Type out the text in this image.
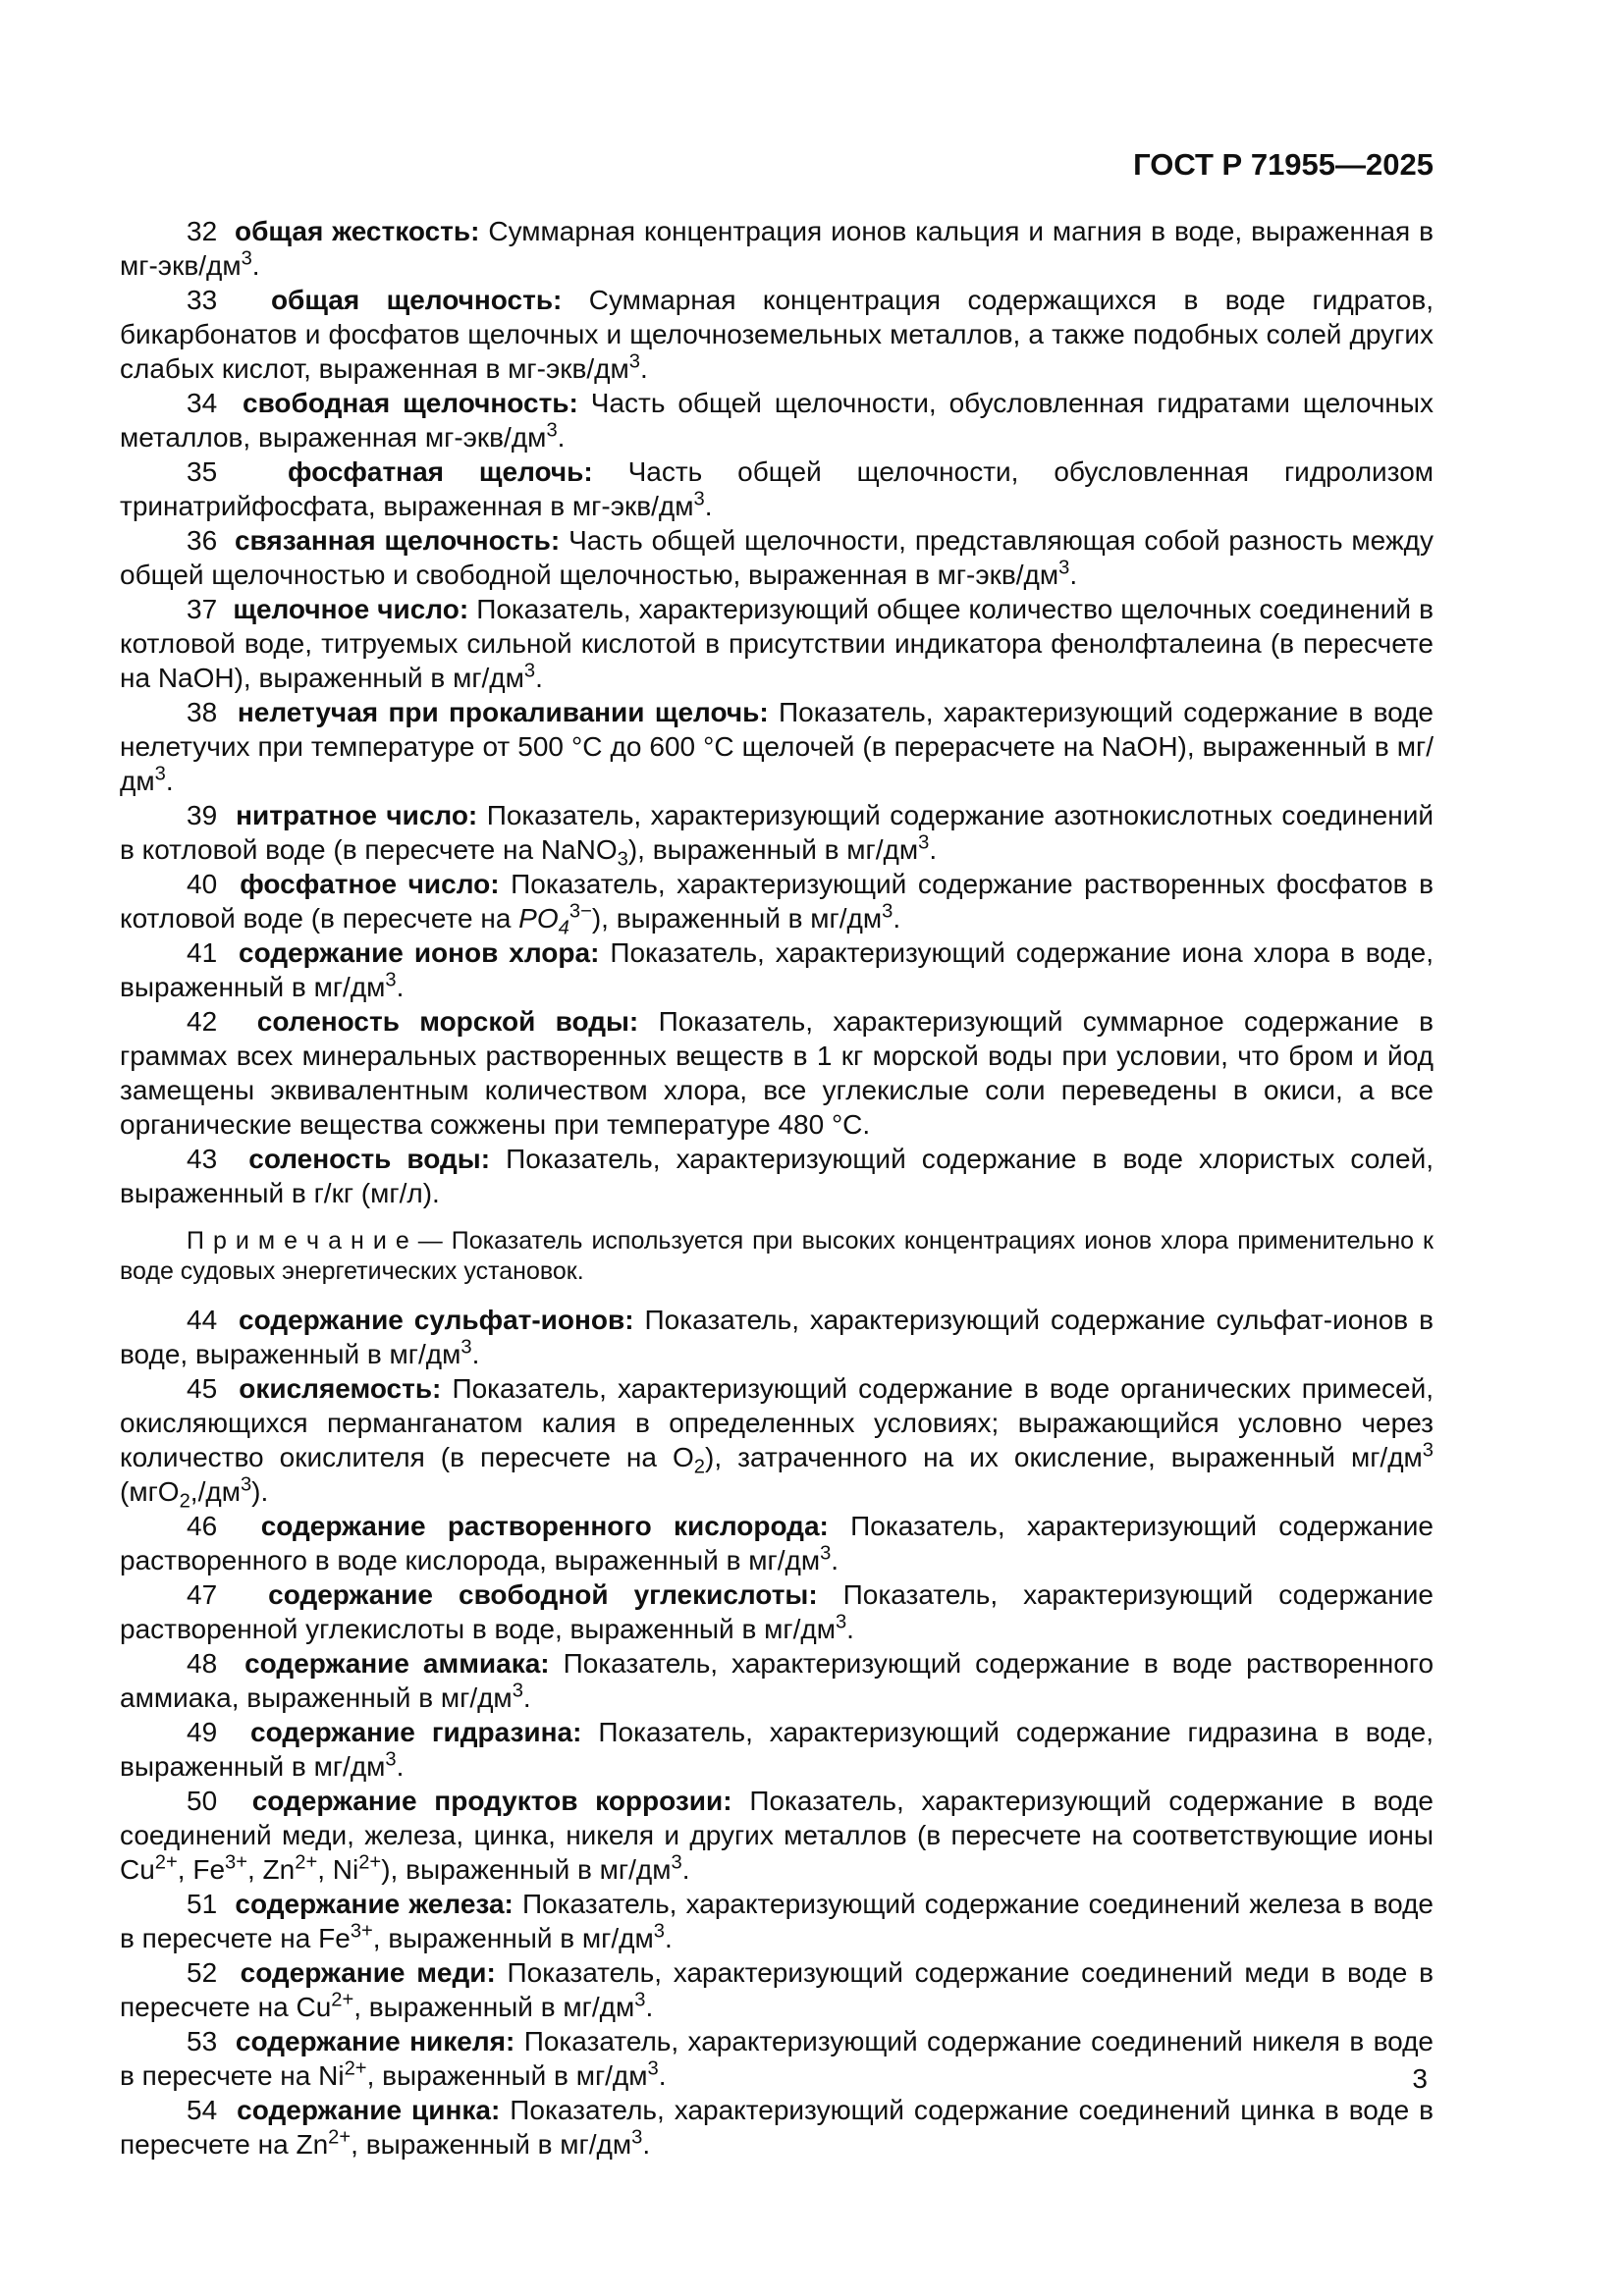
ГОСТ Р 71955—2025

32  общая жесткость: Суммарная концентрация ионов кальция и магния в воде, выраженная в $мг-экв/дм^3$.

33  общая щелочность: Суммарная концентрация содержащихся в воде гидратов, бикарбонатов и фосфатов щелочных и щелочноземельных металлов, а также подобных солей других слабых кислот, выраженная в $мг-экв/дм^3$.

34  свободная щелочность: Часть общей щелочности, обусловленная гидратами щелочных металлов, выраженная $мг-экв/дм^3$.

35  фосфатная щелочь: Часть общей щелочности, обусловленная гидролизом тринатрийфосфата, выраженная в $мг-экв/дм^3$.

36  связанная щелочность: Часть общей щелочности, представляющая собой разность между общей щелочностью и свободной щелочностью, выраженная в $мг-экв/дм^3$.

37  щелочное число: Показатель, характеризующий общее количество щелочных соединений в котловой воде, титруемых сильной кислотой в присутствии индикатора фенолфталеина (в пересчете на NaOH), выраженный в $мг/дм^3$.

38  нелетучая при прокаливании щелочь: Показатель, характеризующий содержание в воде нелетучих при температуре от 500 °С до 600 °С щелочей (в перерасчете на NaOH), выраженный в $мг/дм^3$.

39  нитратное число: Показатель, характеризующий содержание азотнокислотных соединений в котловой воде (в пересчете на NaNO$_3$), выраженный в $мг/дм^3$.

40  фосфатное число: Показатель, характеризующий содержание растворенных фосфатов в котловой воде (в пересчете на $PO_4^{3-}$), выраженный в $мг/дм^3$.

41  содержание ионов хлора: Показатель, характеризующий содержание иона хлора в воде, выраженный в $мг/дм^3$.

42  соленость морской воды: Показатель, характеризующий суммарное содержание в граммах всех минеральных растворенных веществ в 1 кг морской воды при условии, что бром и йод замещены эквивалентным количеством хлора, все углекислые соли переведены в окиси, а все органические вещества сожжены при температуре 480 °С.

43  соленость воды: Показатель, характеризующий содержание в воде хлористых солей, выраженный в г/кг (мг/л).

П р и м е ч а н и е — Показатель используется при высоких концентрациях ионов хлора применительно к воде судовых энергетических установок.

44  содержание сульфат-ионов: Показатель, характеризующий содержание сульфат-ионов в воде, выраженный в $мг/дм^3$.

45  окисляемость: Показатель, характеризующий содержание в воде органических примесей, окисляющихся перманганатом калия в определенных условиях; выражающийся условно через количество окислителя (в пересчете на $O_2$), затраченного на их окисление, выраженный $мг/дм^3$ $(мгO_2,/дм^3)$.

46  содержание растворенного кислорода: Показатель, характеризующий содержание растворенного в воде кислорода, выраженный в $мг/дм^3$.

47  содержание свободной углекислоты: Показатель, характеризующий содержание растворенной углекислоты в воде, выраженный в $мг/дм^3$.

48  содержание аммиака: Показатель, характеризующий содержание в воде растворенного аммиака, выраженный в $мг/дм^3$.

49  содержание гидразина: Показатель, характеризующий содержание гидразина в воде, выраженный в $мг/дм^3$.

50  содержание продуктов коррозии: Показатель, характеризующий содержание в воде соединений меди, железа, цинка, никеля и других металлов (в пересчете на соответствующие ионы $Cu^{2+}$, $Fe^{3+}$, $Zn^{2+}$, $Ni^{2+}$), выраженный в $мг/дм^3$.

51  содержание железа: Показатель, характеризующий содержание соединений железа в воде в пересчете на $Fe^{3+}$, выраженный в $мг/дм^3$.

52  содержание меди: Показатель, характеризующий содержание соединений меди в воде в пересчете на $Cu^{2+}$, выраженный в $мг/дм^3$.

53  содержание никеля: Показатель, характеризующий содержание соединений никеля в воде в пересчете на $Ni^{2+}$, выраженный в $мг/дм^3$.

54  содержание цинка: Показатель, характеризующий содержание соединений цинка в воде в пересчете на $Zn^{2+}$, выраженный в $мг/дм^3$.

3
